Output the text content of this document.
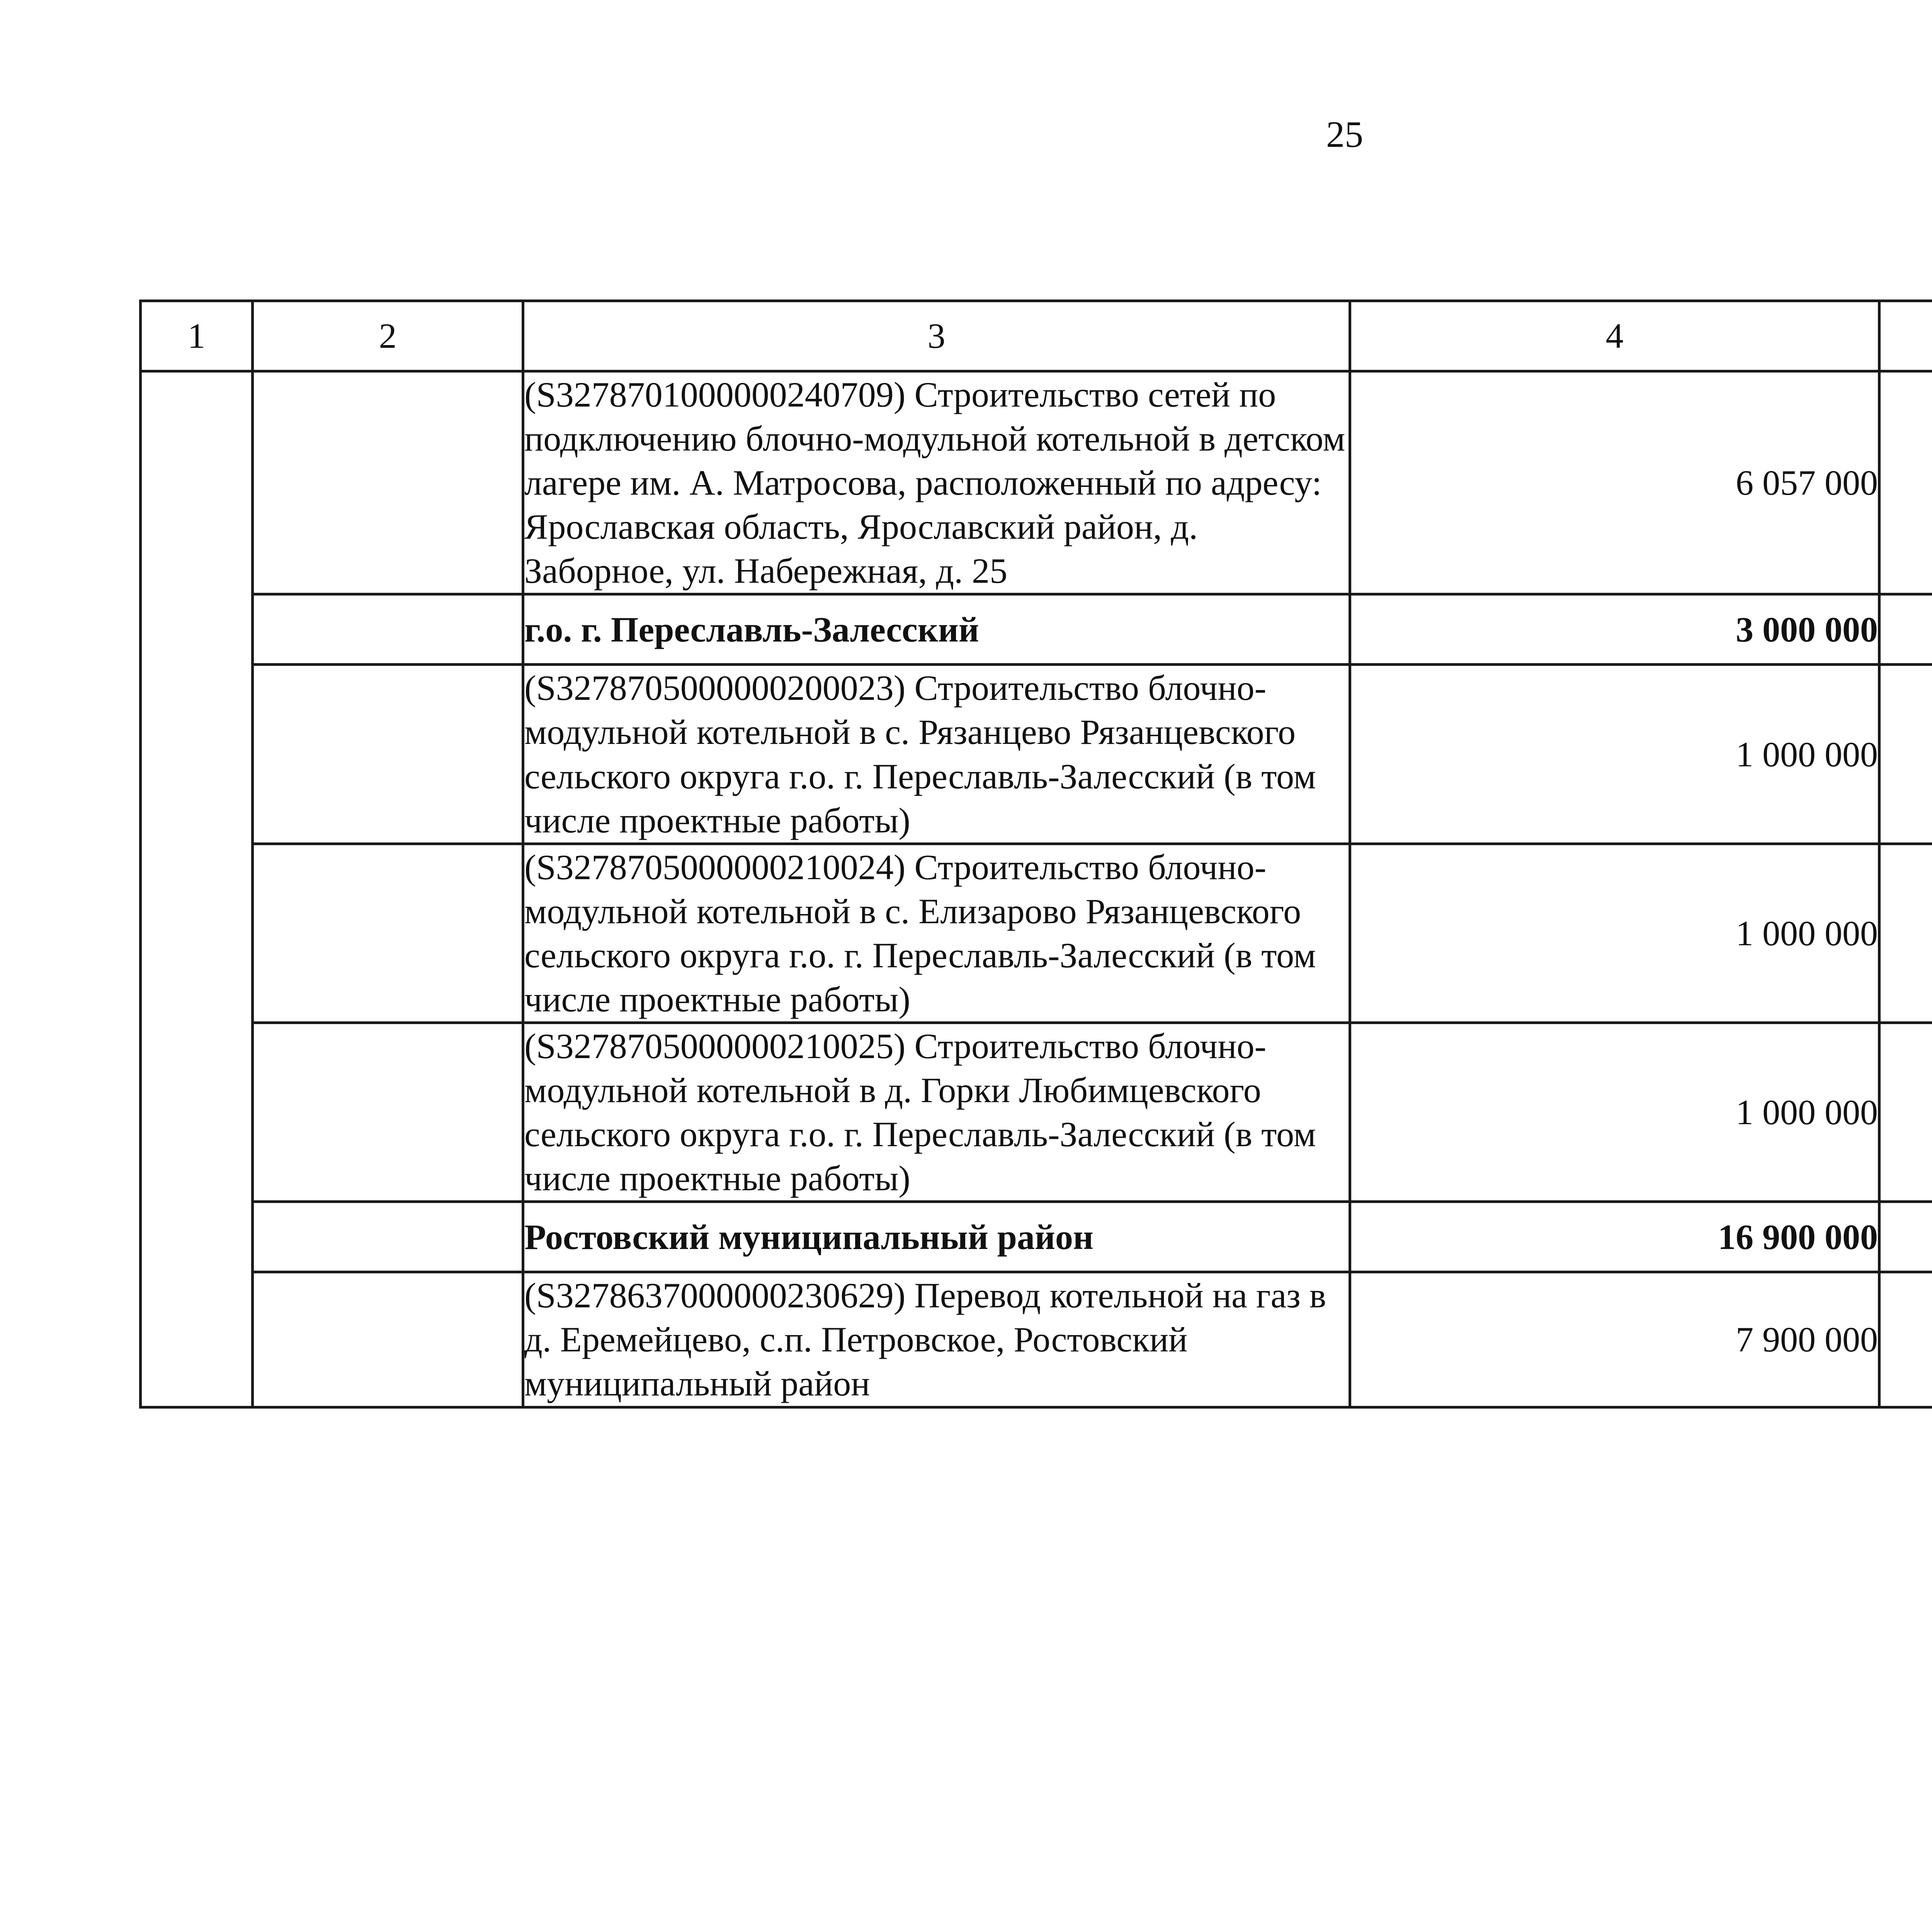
25
1	2	3	4			
		(S3278701000000240709) Строительство сетей по подключению блочно-модульной котельной в детском лагере им. А. Матросова, расположенный по адресу: Ярославская область, Ярославский район, д. Заборное, ул. Набережная, д. 25	6 057 000			
		г.о. г. Переславль-Залесский	3 000 000			
		(S3278705000000200023) Строительство блочно-модульной котельной в с. Рязанцево Рязанцевского сельского округа г.о. г. Переславль-Залесский (в том числе проектные работы)	1 000 000			
		(S3278705000000210024) Строительство блочно-модульной котельной в с. Елизарово Рязанцевского сельского округа г.о. г. Переславль-Залесский (в том числе проектные работы)	1 000 000			
		(S3278705000000210025) Строительство блочно-модульной котельной в д. Горки Любимцевского сельского округа г.о. г. Переславль-Залесский (в том числе проектные работы)	1 000 000			
		Ростовский муниципальный район	16 900 000			
		(S3278637000000230629) Перевод котельной на газ в д. Еремейцево, с.п. Петровское, Ростовский муниципальный район	7 900 000			
